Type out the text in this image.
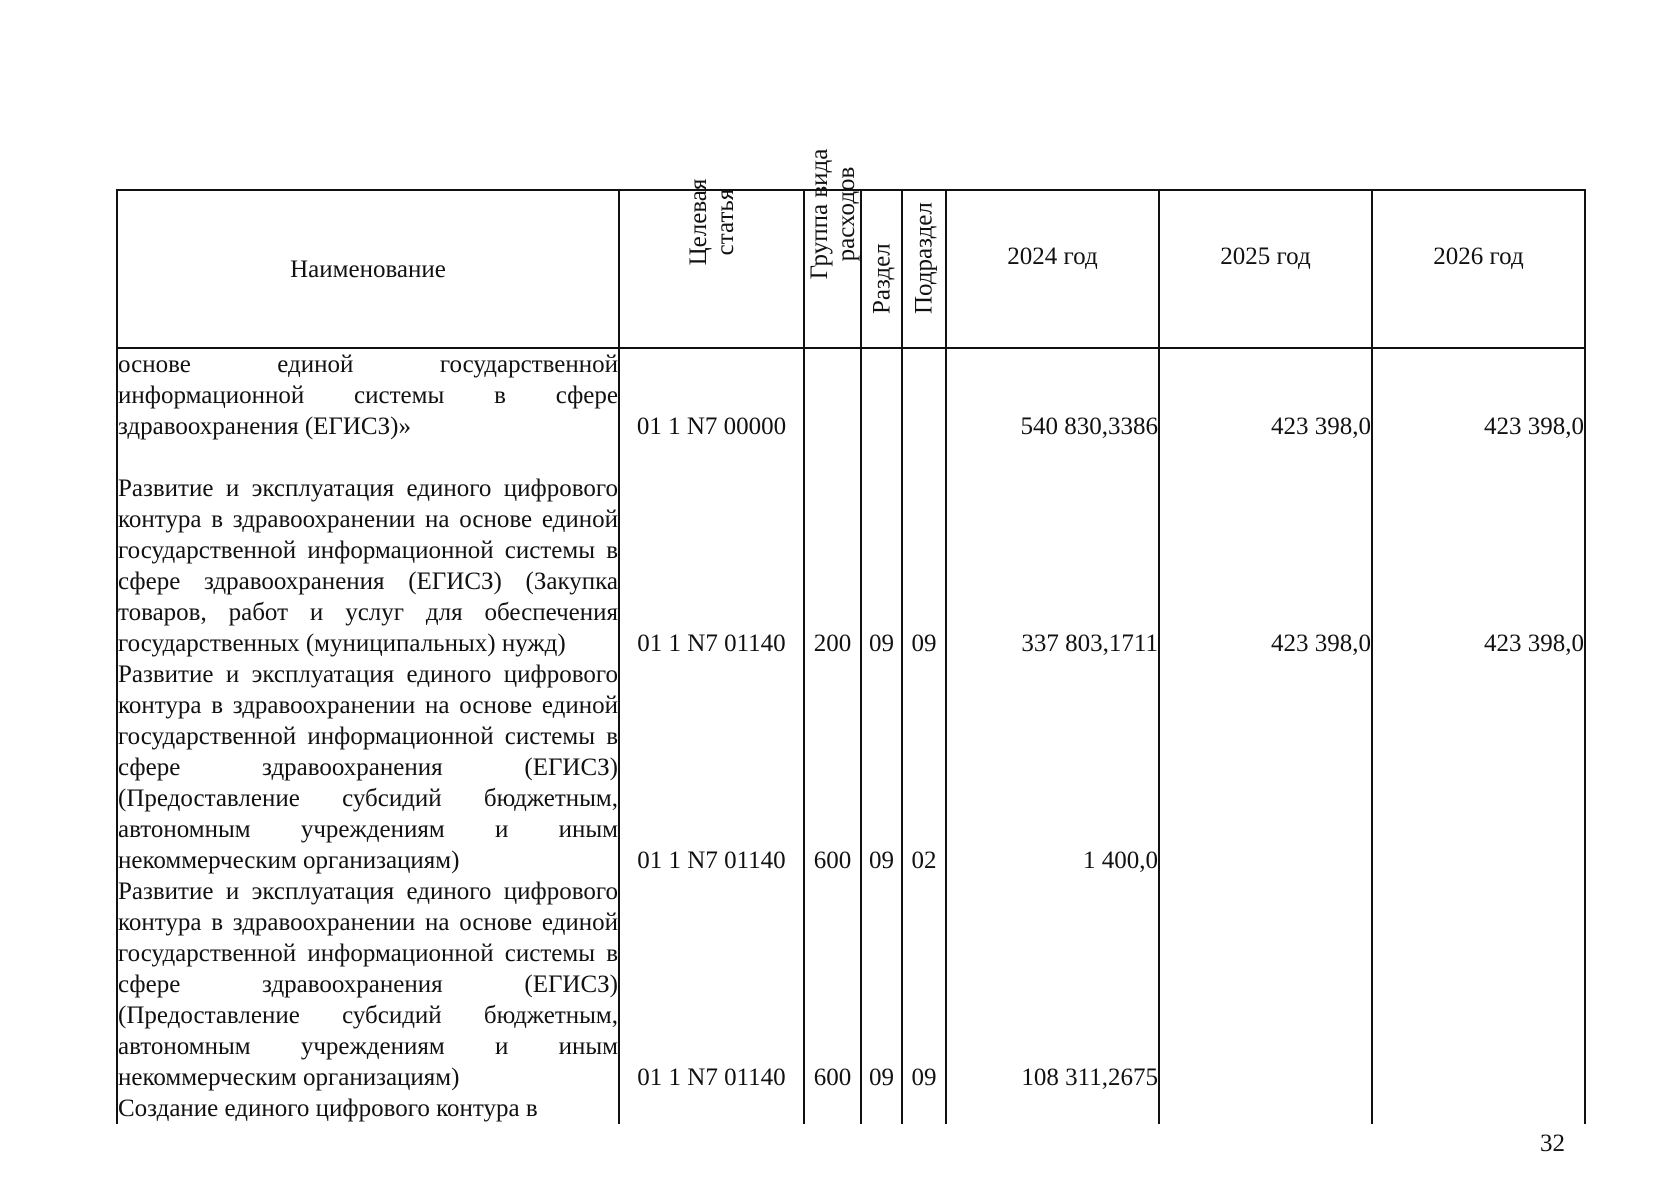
Наименование	Целевая статья	Группа вида расходов	Раздел	Подраздел	2024 год	2025 год	2026 год
основе единой государственной информационной системы в сфере здравоохранения (ЕГИСЗ)»	01 1 N7 00000				540 830,3386	423 398,0	423 398,0
Развитие и эксплуатация единого цифрового контура в здравоохранении на основе единой государственной информационной системы в сфере здравоохранения (ЕГИСЗ) (Закупка товаров, работ и услуг для обеспечения государственных (муниципальных) нужд)	01 1 N7 01140	200	09	09	337 803,1711	423 398,0	423 398,0
Развитие и эксплуатация единого цифрового контура в здравоохранении на основе единой государственной информационной системы в сфере здравоохранения (ЕГИСЗ) (Предоставление субсидий бюджетным, автономным учреждениям и иным некоммерческим организациям)	01 1 N7 01140	600	09	02	1 400,0		
Развитие и эксплуатация единого цифрового контура в здравоохранении на основе единой государственной информационной системы в сфере здравоохранения (ЕГИСЗ) (Предоставление субсидий бюджетным, автономным учреждениям и иным некоммерческим организациям)	01 1 N7 01140	600	09	09	108 311,2675		
Создание единого цифрового контура в							
32
